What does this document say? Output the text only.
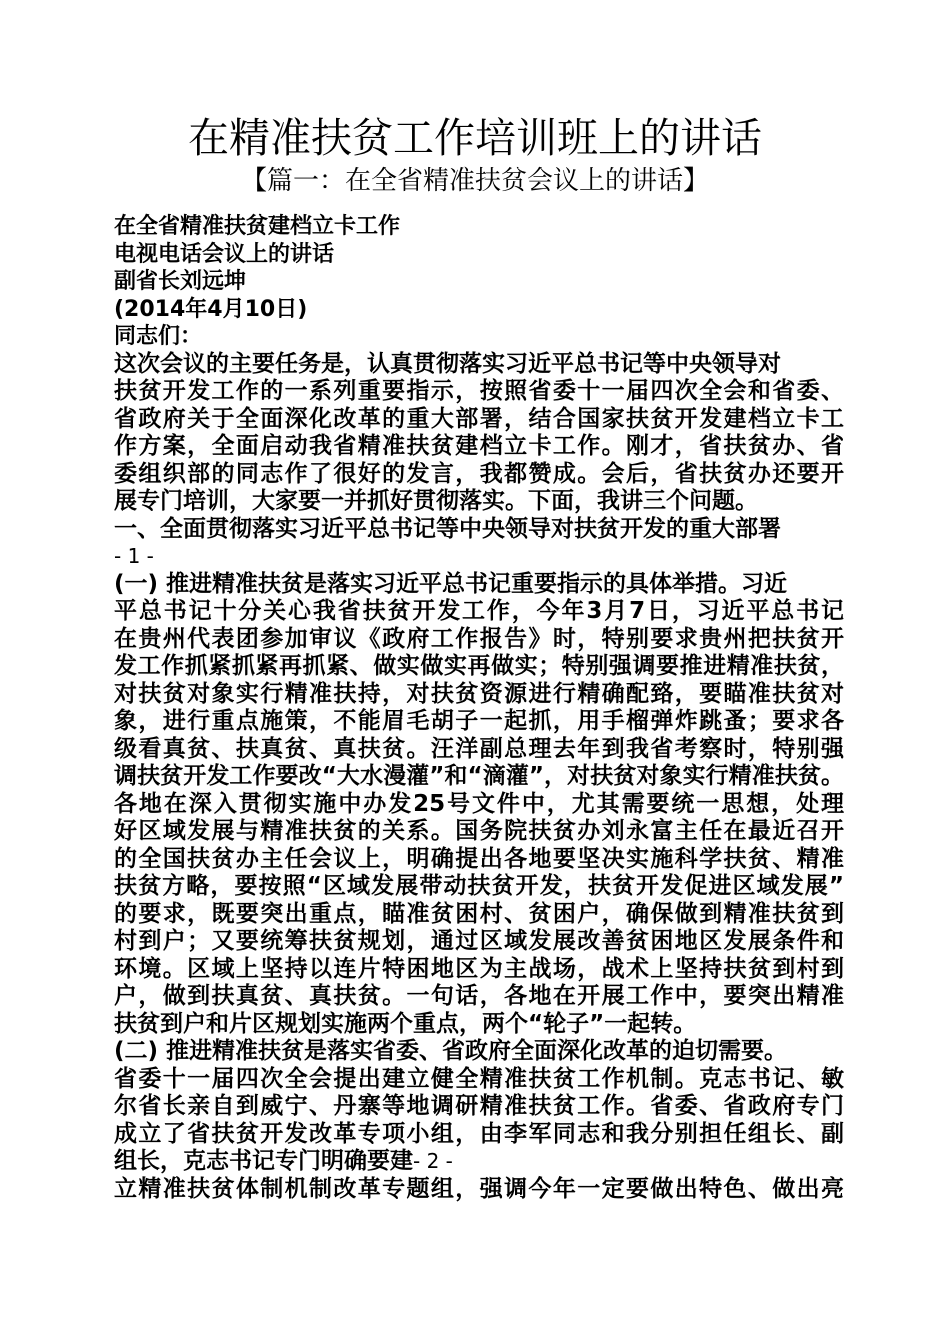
在精准扶贫工作培训班上的讲话
【篇一：在全省精准扶贫会议上的讲话】
在全省精准扶贫建档立卡工作
电视电话会议上的讲话
副省长刘远坤
(2014年4月10日)
同志们：
这次会议的主要任务是，认真贯彻落实习近平总书记等中央领导对
扶贫开发工作的一系列重要指示，按照省委十一届四次全会和省委、
省政府关于全面深化改革的重大部署，结合国家扶贫开发建档立卡工
作方案，全面启动我省精准扶贫建档立卡工作。刚才，省扶贫办、省
委组织部的同志作了很好的发言，我都赞成。会后，省扶贫办还要开
展专门培训，大家要一并抓好贯彻落实。下面，我讲三个问题。
一、全面贯彻落实习近平总书记等中央领导对扶贫开发的重大部署
- 1 -
(一) 推进精准扶贫是落实习近平总书记重要指示的具体举措。习近
平总书记十分关心我省扶贫开发工作，今年3月7日，习近平总书记
在贵州代表团参加审议《政府工作报告》时，特别要求贵州把扶贫开
发工作抓紧抓紧再抓紧、做实做实再做实；特别强调要推进精准扶贫，
对扶贫对象实行精准扶持，对扶贫资源进行精确配臵，要瞄准扶贫对
象，进行重点施策，不能眉毛胡子一起抓，用手榴弹炸跳蚤；要求各
级看真贫、扶真贫、真扶贫。汪洋副总理去年到我省考察时，特别强
调扶贫开发工作要改“大水漫灌”和“滴灌”，对扶贫对象实行精准扶贫。
各地在深入贯彻实施中办发25号文件中，尤其需要统一思想，处理
好区域发展与精准扶贫的关系。国务院扶贫办刘永富主任在最近召开
的全国扶贫办主任会议上，明确提出各地要坚决实施科学扶贫、精准
扶贫方略，要按照“区域发展带动扶贫开发，扶贫开发促进区域发展”
的要求，既要突出重点，瞄准贫困村、贫困户，确保做到精准扶贫到
村到户；又要统筹扶贫规划，通过区域发展改善贫困地区发展条件和
环境。区域上坚持以连片特困地区为主战场，战术上坚持扶贫到村到
户，做到扶真贫、真扶贫。一句话，各地在开展工作中，要突出精准
扶贫到户和片区规划实施两个重点，两个“轮子”一起转。
(二) 推进精准扶贫是落实省委、省政府全面深化改革的迫切需要。
省委十一届四次全会提出建立健全精准扶贫工作机制。克志书记、敏
尔省长亲自到威宁、丹寨等地调研精准扶贫工作。省委、省政府专门
成立了省扶贫开发改革专项小组，由李军同志和我分别担任组长、副
组长，克志书记专门明确要建- 2 -
立精准扶贫体制机制改革专题组，强调今年一定要做出特色、做出亮
